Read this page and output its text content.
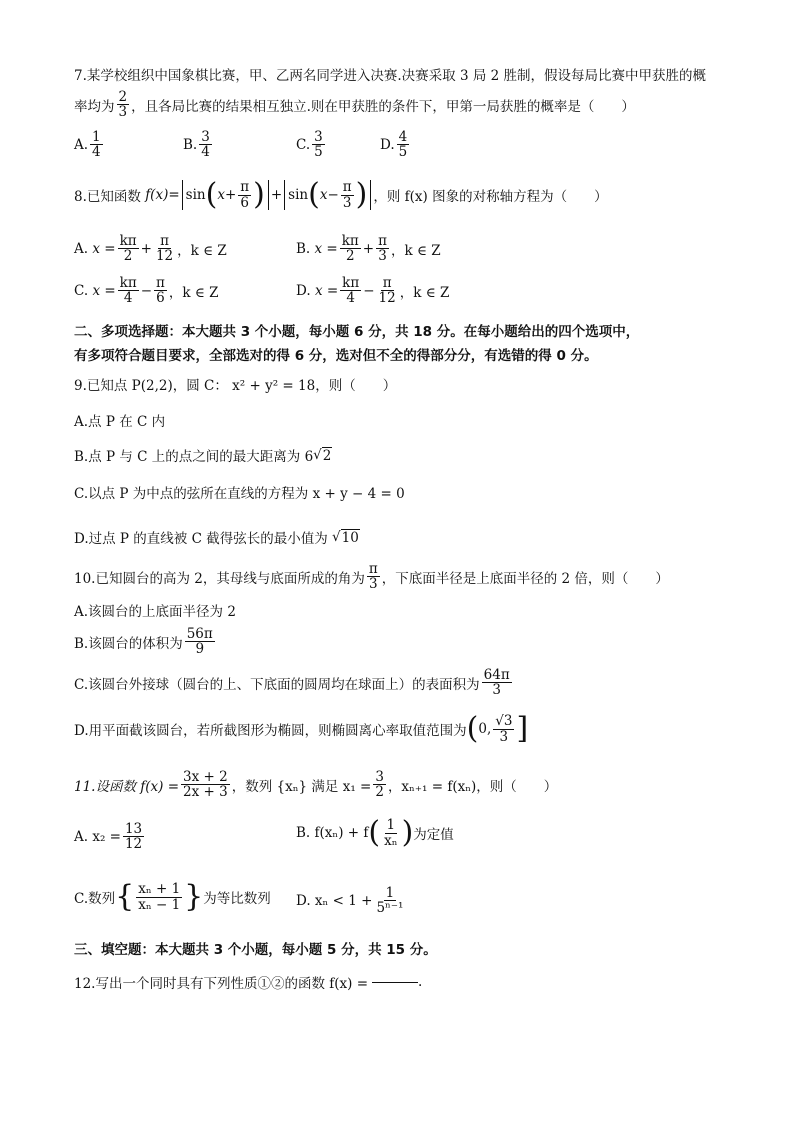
7.某学校组织中国象棋比赛，甲、乙两名同学进入决赛.决赛采取 3 局 2 胜制，假设每局比赛中甲获胜的概
率均为 $\frac{2}{3}$ ，且各局比赛的结果相互独立.则在甲获胜的条件下，甲第一局获胜的概率是（　　）
A. $\frac{1}{4}$	B. $\frac{3}{4}$	C. $\frac{3}{5}$	D. $\frac{4}{5}$
8.已知函数
f(x)= sin ( $x+ \frac{\pi}{6}$ ) + sin ( $x- \frac{\pi}{3}$ ) ，则 f(x) 图象的对称轴方程为（　　）
A.
$x = \frac{k\pi}{2} + \frac{\pi}{12}$ ，k ∈ Z	B.
$x = \frac{k\pi}{2} + \frac{\pi}{3}$ ，k ∈ Z
C.
$x = \frac{k\pi}{4} - \frac{\pi}{6}$ ，k ∈ Z	D.
$x = \frac{k\pi}{4} - \frac{\pi}{12}$ ，k ∈ Z
二、多项选择题：本大题共 3 个小题，每小题 6 分，共 18 分。在每小题给出的四个选项中，
有多项符合题目要求，全部选对的得 6 分，选对但不全的得部分分，有选错的得 0 分。
9.已知点 P(2,2)，圆 C： x² + y² = 18，则（　　）
A.点 P 在 C 内
B.点 P 与 C 上的点之间的最大距离为 6 √ 2
C.以点 P 为中点的弦所在直线的方程为 x + y − 4 = 0
D.过点 P 的直线被 C 截得弦长的最小值为
√ 10
10.已知圆台的高为 2，其母线与底面所成的角为 $\frac{\pi}{3}$ ，下底面半径是上底面半径的 2 倍，则（　　）
A.该圆台的上底面半径为 2
B.该圆台的体积为 $\frac{56\pi}{9}$
C.该圆台外接球（圆台的上、下底面的圆周均在球面上）的表面积为 $\frac{64\pi}{3}$
D.用平面截该圆台，若所截图形为椭圆，则椭圆离心率取值范围为 ( 0, $\frac{√3}{3}$ ]
11.设函数 $f(x) = \frac{3x + 2}{2x + 3}$ ，数列 {xₙ} 满足 $x_1 = \frac{3}{2}$ ，xₙ₊₁ = f(xₙ)，则（　　）
A. $x_2 = \frac{13}{12}$	B. f(xₙ) + f ( $\frac{1}{\text{xₙ}}$ ) 为定值
C.数列 { $\frac{\text{xₙ + 1}}{\text{xₙ − 1}}$ } 为等比数列 D. $x_n < 1 + \frac{1}{\text{5ⁿ⁻¹}}$
三、填空题：本大题共 3 个小题，每小题 5 分，共 15 分。
12.写出一个同时具有下列性质①②的函数 f(x) =	.
